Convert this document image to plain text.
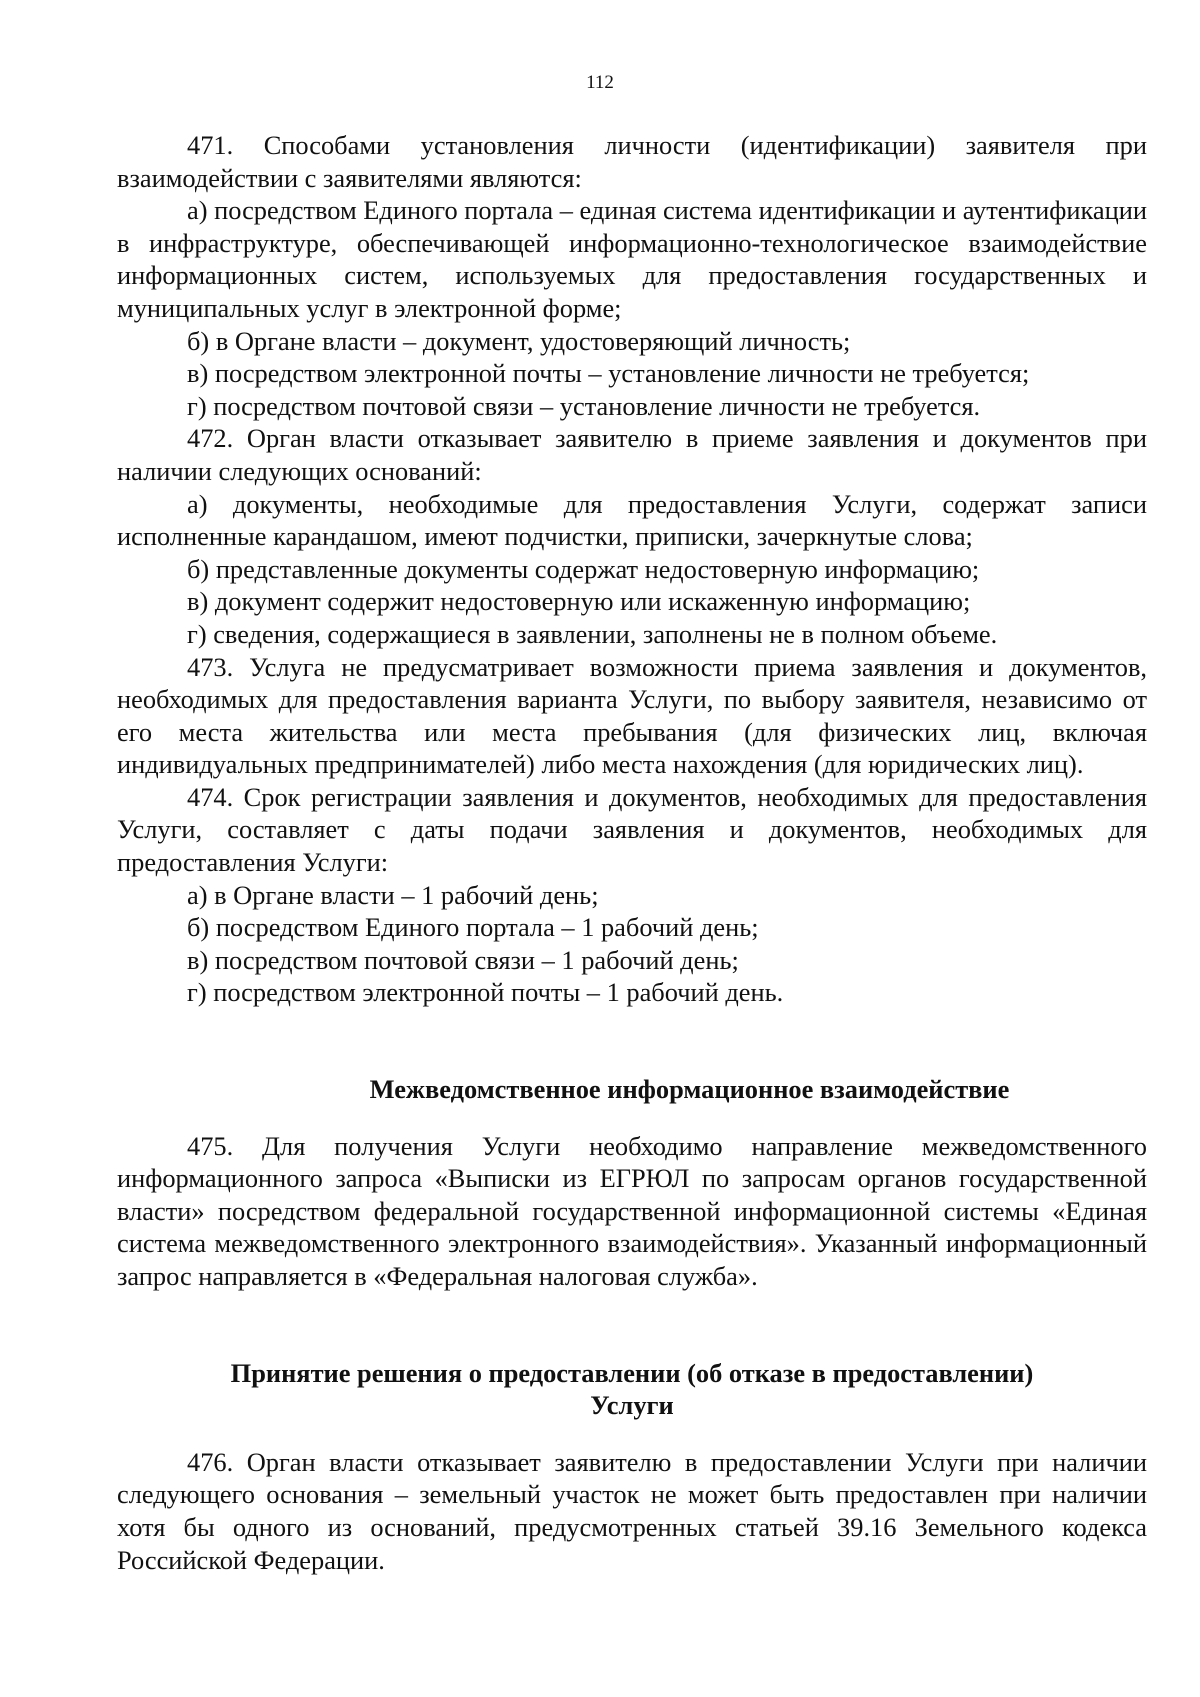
112

471. Способами установления личности (идентификации) заявителя при взаимодействии с заявителями являются:

а) посредством Единого портала – единая система идентификации и аутентификации в инфраструктуре, обеспечивающей информационно-технологическое взаимодействие информационных систем, используемых для предоставления государственных и муниципальных услуг в электронной форме;

б) в Органе власти – документ, удостоверяющий личность;

в) посредством электронной почты – установление личности не требуется;

г) посредством почтовой связи – установление личности не требуется.

472. Орган власти отказывает заявителю в приеме заявления и документов при наличии следующих оснований:

а) документы, необходимые для предоставления Услуги, содержат записи исполненные карандашом, имеют подчистки, приписки, зачеркнутые слова;

б) представленные документы содержат недостоверную информацию;

в) документ содержит недостоверную или искаженную информацию;

г) сведения, содержащиеся в заявлении, заполнены не в полном объеме.

473. Услуга не предусматривает возможности приема заявления и документов, необходимых для предоставления варианта Услуги, по выбору заявителя, независимо от его места жительства или места пребывания (для физических лиц, включая индивидуальных предпринимателей) либо места нахождения (для юридических лиц).

474. Срок регистрации заявления и документов, необходимых для предоставления Услуги, составляет с даты подачи заявления и документов, необходимых для предоставления Услуги:

а) в Органе власти – 1 рабочий день;

б) посредством Единого портала – 1 рабочий день;

в) посредством почтовой связи – 1 рабочий день;

г) посредством электронной почты – 1 рабочий день.

Межведомственное информационное взаимодействие

475. Для получения Услуги необходимо направление межведомственного информационного запроса «Выписки из ЕГРЮЛ по запросам органов государственной власти» посредством федеральной государственной информационной системы «Единая система межведомственного электронного взаимодействия». Указанный информационный запрос направляется в «Федеральная налоговая служба».

Принятие решения о предоставлении (об отказе в предоставлении)
Услуги

476. Орган власти отказывает заявителю в предоставлении Услуги при наличии следующего основания – земельный участок не может быть предоставлен при наличии хотя бы одного из оснований, предусмотренных статьей 39.16 Земельного кодекса Российской Федерации.
